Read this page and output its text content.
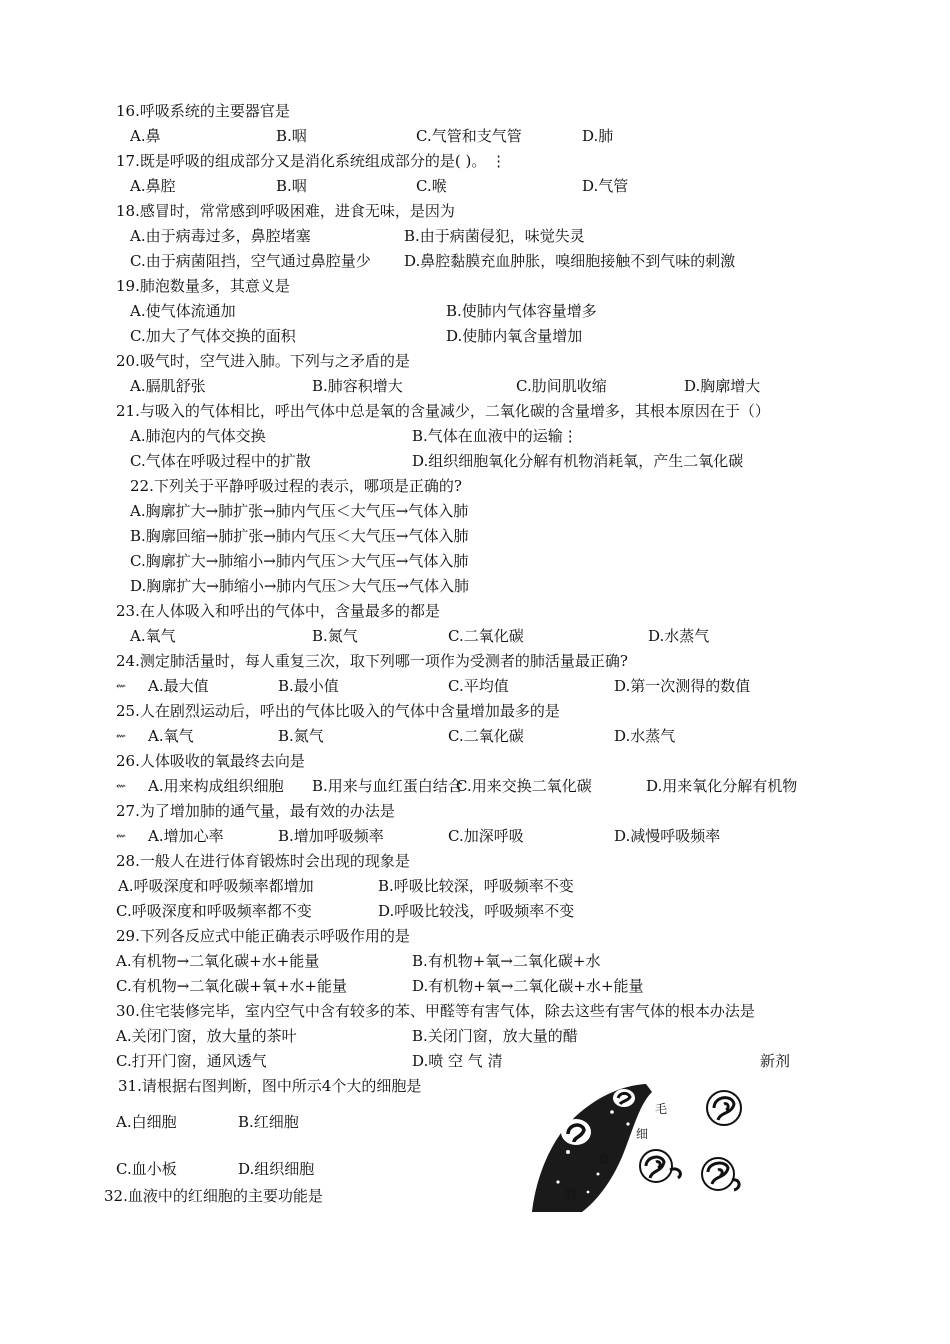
16.呼吸系统的主要器官是
A.鼻	B.咽	C.气管和支气管	D.肺
17.既是呼吸的组成部分又是消化系统组成部分的是( )。 ⋮
A.鼻腔	B.咽	C.喉	D.气管
18.感冒时，常常感到呼吸困难，进食无味，是因为
A.由于病毒过多，鼻腔堵塞	B.由于病菌侵犯，味觉失灵
C.由于病菌阻挡，空气通过鼻腔量少 D.鼻腔黏膜充血肿胀，嗅细胞接触不到气味的刺激
19.肺泡数量多，其意义是
A.使气体流通加	B.使肺内气体容量增多
C.加大了气体交换的面积	D.使肺内氧含量增加
20.吸气时，空气进入肺。下列与之矛盾的是
A.膈肌舒张	B.肺容积增大	C.肋间肌收缩	D.胸廓增大
21.与吸入的气体相比，呼出气体中总是氧的含量减少，二氧化碳的含量增多，其根本原因在于（）
A.肺泡内的气体交换	B.气体在血液中的运输⋮
C.气体在呼吸过程中的扩散	D.组织细胞氧化分解有机物消耗氧，产生二氧化碳
22.下列关于平静呼吸过程的表示，哪项是正确的?
A.胸廓扩大→肺扩张→肺内气压＜大气压→气体入肺
B.胸廓回缩→肺扩张→肺内气压＜大气压→气体入肺
C.胸廓扩大→肺缩小→肺内气压＞大气压→气体入肺
D.胸廓扩大→肺缩小→肺内气压＞大气压→气体入肺
23.在人体吸入和呼出的气体中，含量最多的都是
A.氧气	B.氮气	C.二氧化碳	D.水蒸气
24.测定肺活量时，每人重复三次，取下列哪一项作为受测者的肺活量最正确?
⇜ A.最大值	B.最小值	C.平均值	D.第一次测得的数值
25.人在剧烈运动后，呼出的气体比吸入的气体中含量增加最多的是
⇜ A.氧气	B.氮气	C.二氧化碳	D.水蒸气
26.人体吸收的氧最终去向是
⇜ A.用来构成组织细胞 B.用来与血红蛋白结合
C.用来交换二氧化碳	D.用来氧化分解有机物
27.为了增加肺的通气量，最有效的办法是
⇜ A.增加心率	B.增加呼吸频率	C.加深呼吸	D.减慢呼吸频率
28.一般人在进行体育锻炼时会出现的现象是
A.呼吸深度和呼吸频率都增加	B.呼吸比较深，呼吸频率不变
C.呼吸深度和呼吸频率都不变	D.呼吸比较浅，呼吸频率不变
29.下列各反应式中能正确表示呼吸作用的是
A.有机物→二氧化碳+水+能量	B.有机物+氧→二氧化碳+水
C.有机物→二氧化碳+氧+水+能量	D.有机物+氧→二氧化碳+水+能量
30.住宅装修完毕，室内空气中含有较多的苯、甲醛等有害气体，除去这些有害气体的根本办法是
A.关闭门窗，放大量的茶叶	B.关闭门窗，放大量的醋
C.打开门窗，通风透气	D.喷 空 气 清	新剂
31.请根据右图判断，图中所示4个大的细胞是
A.白细胞	B.红细胞
C.血小板	D.组织细胞
32.血液中的红细胞的主要功能是
毛
细
血
管
